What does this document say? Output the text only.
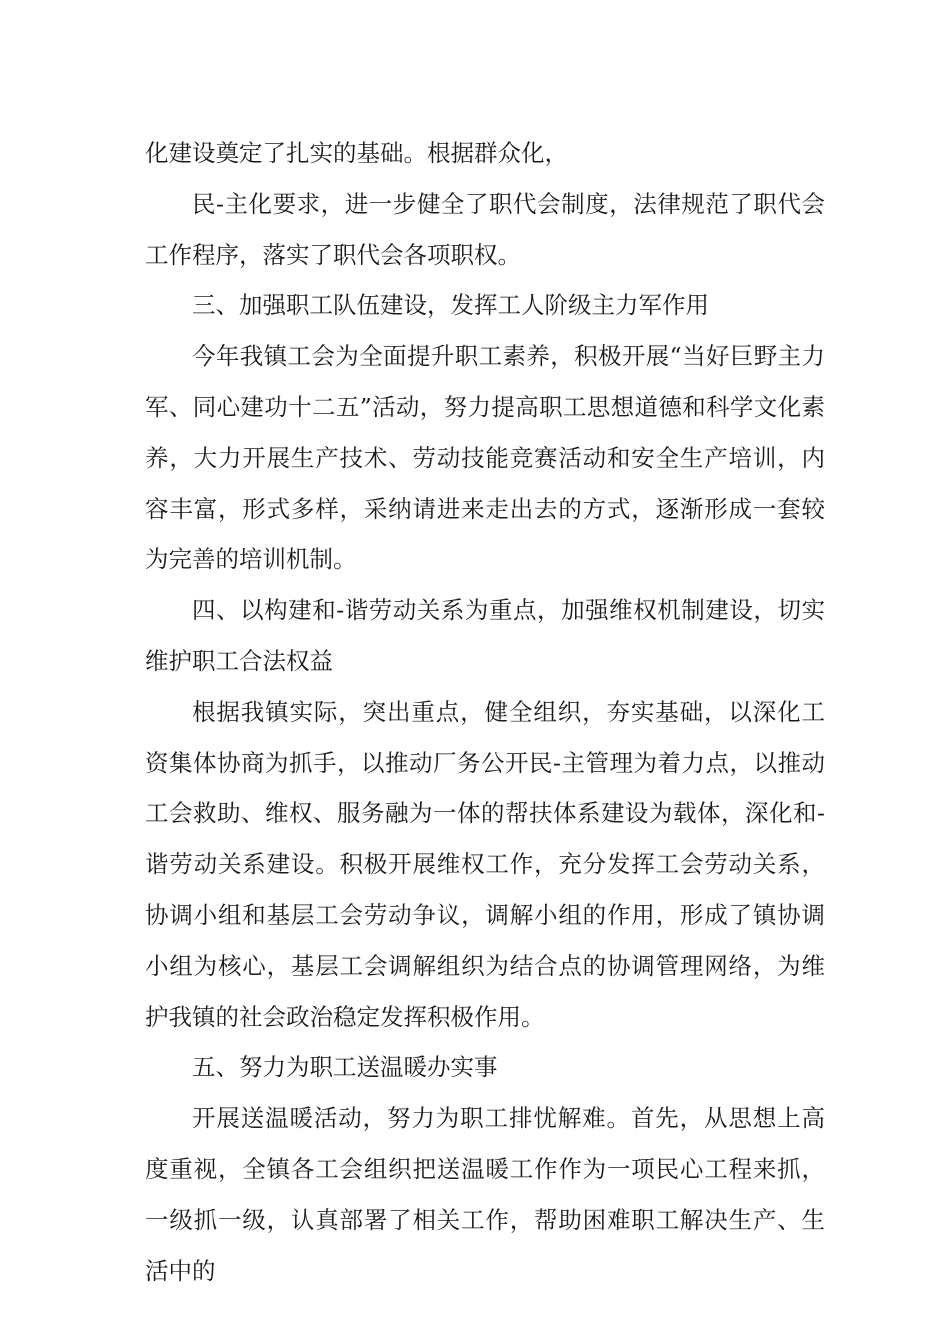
化建设奠定了扎实的基础。根据群众化，

民-主化要求，进一步健全了职代会制度，法律规范了职代会工作程序，落实了职代会各项职权。

三、加强职工队伍建设，发挥工人阶级主力军作用

今年我镇工会为全面提升职工素养，积极开展“当好巨野主力军、同心建功十二五”活动，努力提高职工思想道德和科学文化素养，大力开展生产技术、劳动技能竞赛活动和安全生产培训，内容丰富，形式多样，采纳请进来走出去的方式，逐渐形成一套较为完善的培训机制。

四、以构建和-谐劳动关系为重点，加强维权机制建设，切实维护职工合法权益

根据我镇实际，突出重点，健全组织，夯实基础，以深化工资集体协商为抓手，以推动厂务公开民-主管理为着力点，以推动工会救助、维权、服务融为一体的帮扶体系建设为载体，深化和-谐劳动关系建设。积极开展维权工作，充分发挥工会劳动关系，协调小组和基层工会劳动争议，调解小组的作用，形成了镇协调小组为核心，基层工会调解组织为结合点的协调管理网络，为维护我镇的社会政治稳定发挥积极作用。

五、努力为职工送温暖办实事

开展送温暖活动，努力为职工排忧解难。首先，从思想上高度重视，全镇各工会组织把送温暖工作作为一项民心工程来抓，一级抓一级，认真部署了相关工作，帮助困难职工解决生产、生活中的
